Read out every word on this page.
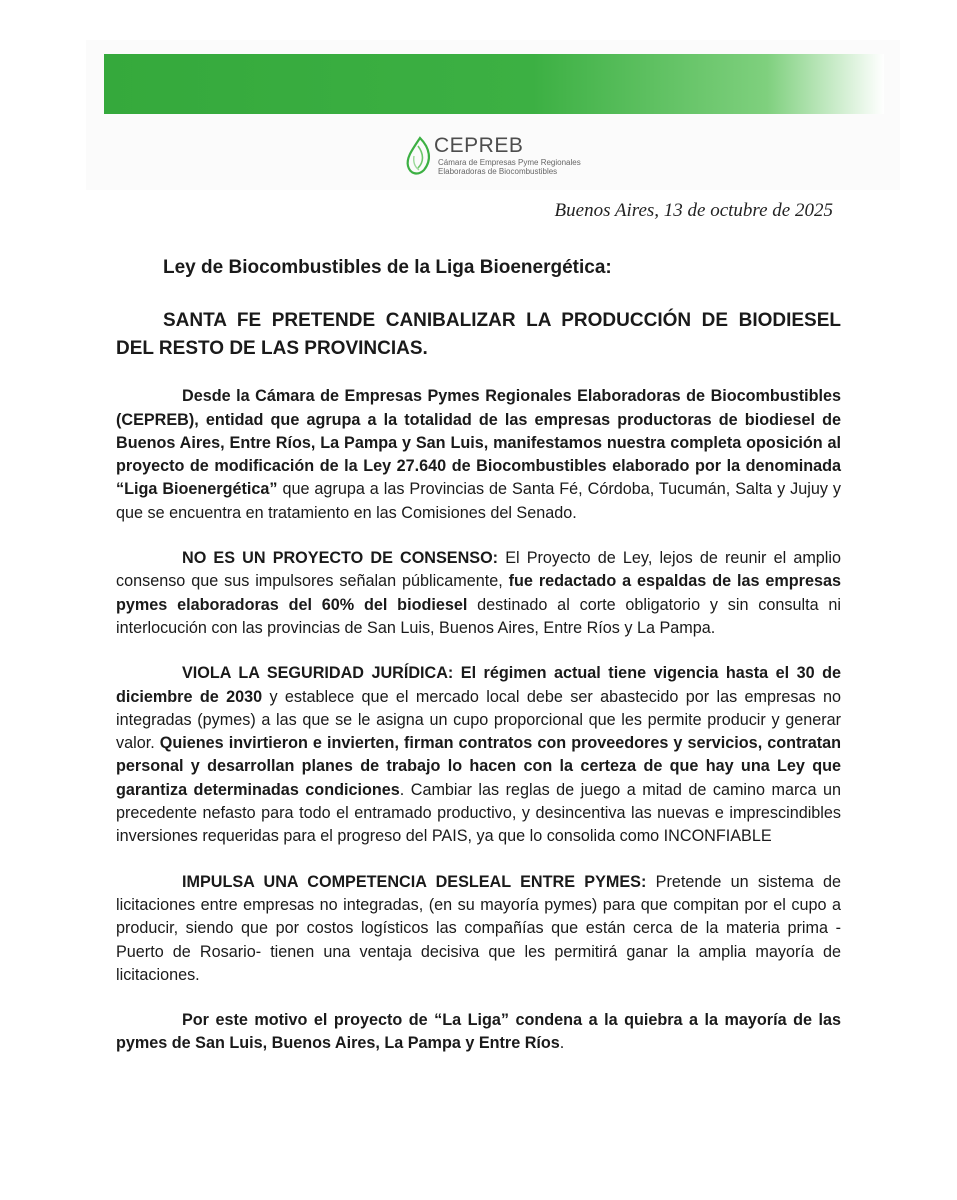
CEPREB
Cámara de Empresas Pyme Regionales
Elaboradoras de Biocombustibles
Buenos Aires, 13 de octubre de 2025
Ley de Biocombustibles de la Liga Bioenergética:
SANTA FE PRETENDE CANIBALIZAR LA PRODUCCIÓN DE BIODIESEL DEL RESTO DE LAS PROVINCIAS.

Desde la Cámara de Empresas Pymes Regionales Elaboradoras de Biocombustibles (CEPREB), entidad que agrupa a la totalidad de las empresas productoras de biodiesel de Buenos Aires, Entre Ríos, La Pampa y San Luis, manifestamos nuestra completa oposición al proyecto de modificación de la Ley 27.640 de Biocombustibles elaborado por la denominada “Liga Bioenergética” que agrupa a las Provincias de Santa Fé, Córdoba, Tucumán, Salta y Jujuy y que se encuentra en tratamiento en las Comisiones del Senado.

NO ES UN PROYECTO DE CONSENSO: El Proyecto de Ley, lejos de reunir el amplio consenso que sus impulsores señalan públicamente, fue redactado a espaldas de las empresas pymes elaboradoras del 60% del biodiesel destinado al corte obligatorio y sin consulta ni interlocución con las provincias de San Luis, Buenos Aires, Entre Ríos y La Pampa.

VIOLA LA SEGURIDAD JURÍDICA: El régimen actual tiene vigencia hasta el 30 de diciembre de 2030 y establece que el mercado local debe ser abastecido por las empresas no integradas (pymes) a las que se le asigna un cupo proporcional que les permite producir y generar valor. Quienes invirtieron e invierten, firman contratos con proveedores y servicios, contratan personal y desarrollan planes de trabajo lo hacen con la certeza de que hay una Ley que garantiza determinadas condiciones. Cambiar las reglas de juego a mitad de camino marca un precedente nefasto para todo el entramado productivo, y desincentiva las nuevas e imprescindibles inversiones requeridas para el progreso del PAIS, ya que lo consolida como INCONFIABLE

IMPULSA UNA COMPETENCIA DESLEAL ENTRE PYMES: Pretende un sistema de licitaciones entre empresas no integradas, (en su mayoría pymes) para que compitan por el cupo a producir, siendo que por costos logísticos las compañías que están cerca de la materia prima -Puerto de Rosario- tienen una ventaja decisiva que les permitirá ganar la amplia mayoría de licitaciones.

Por este motivo el proyecto de “La Liga” condena a la quiebra a la mayoría de las pymes de San Luis, Buenos Aires, La Pampa y Entre Ríos.
